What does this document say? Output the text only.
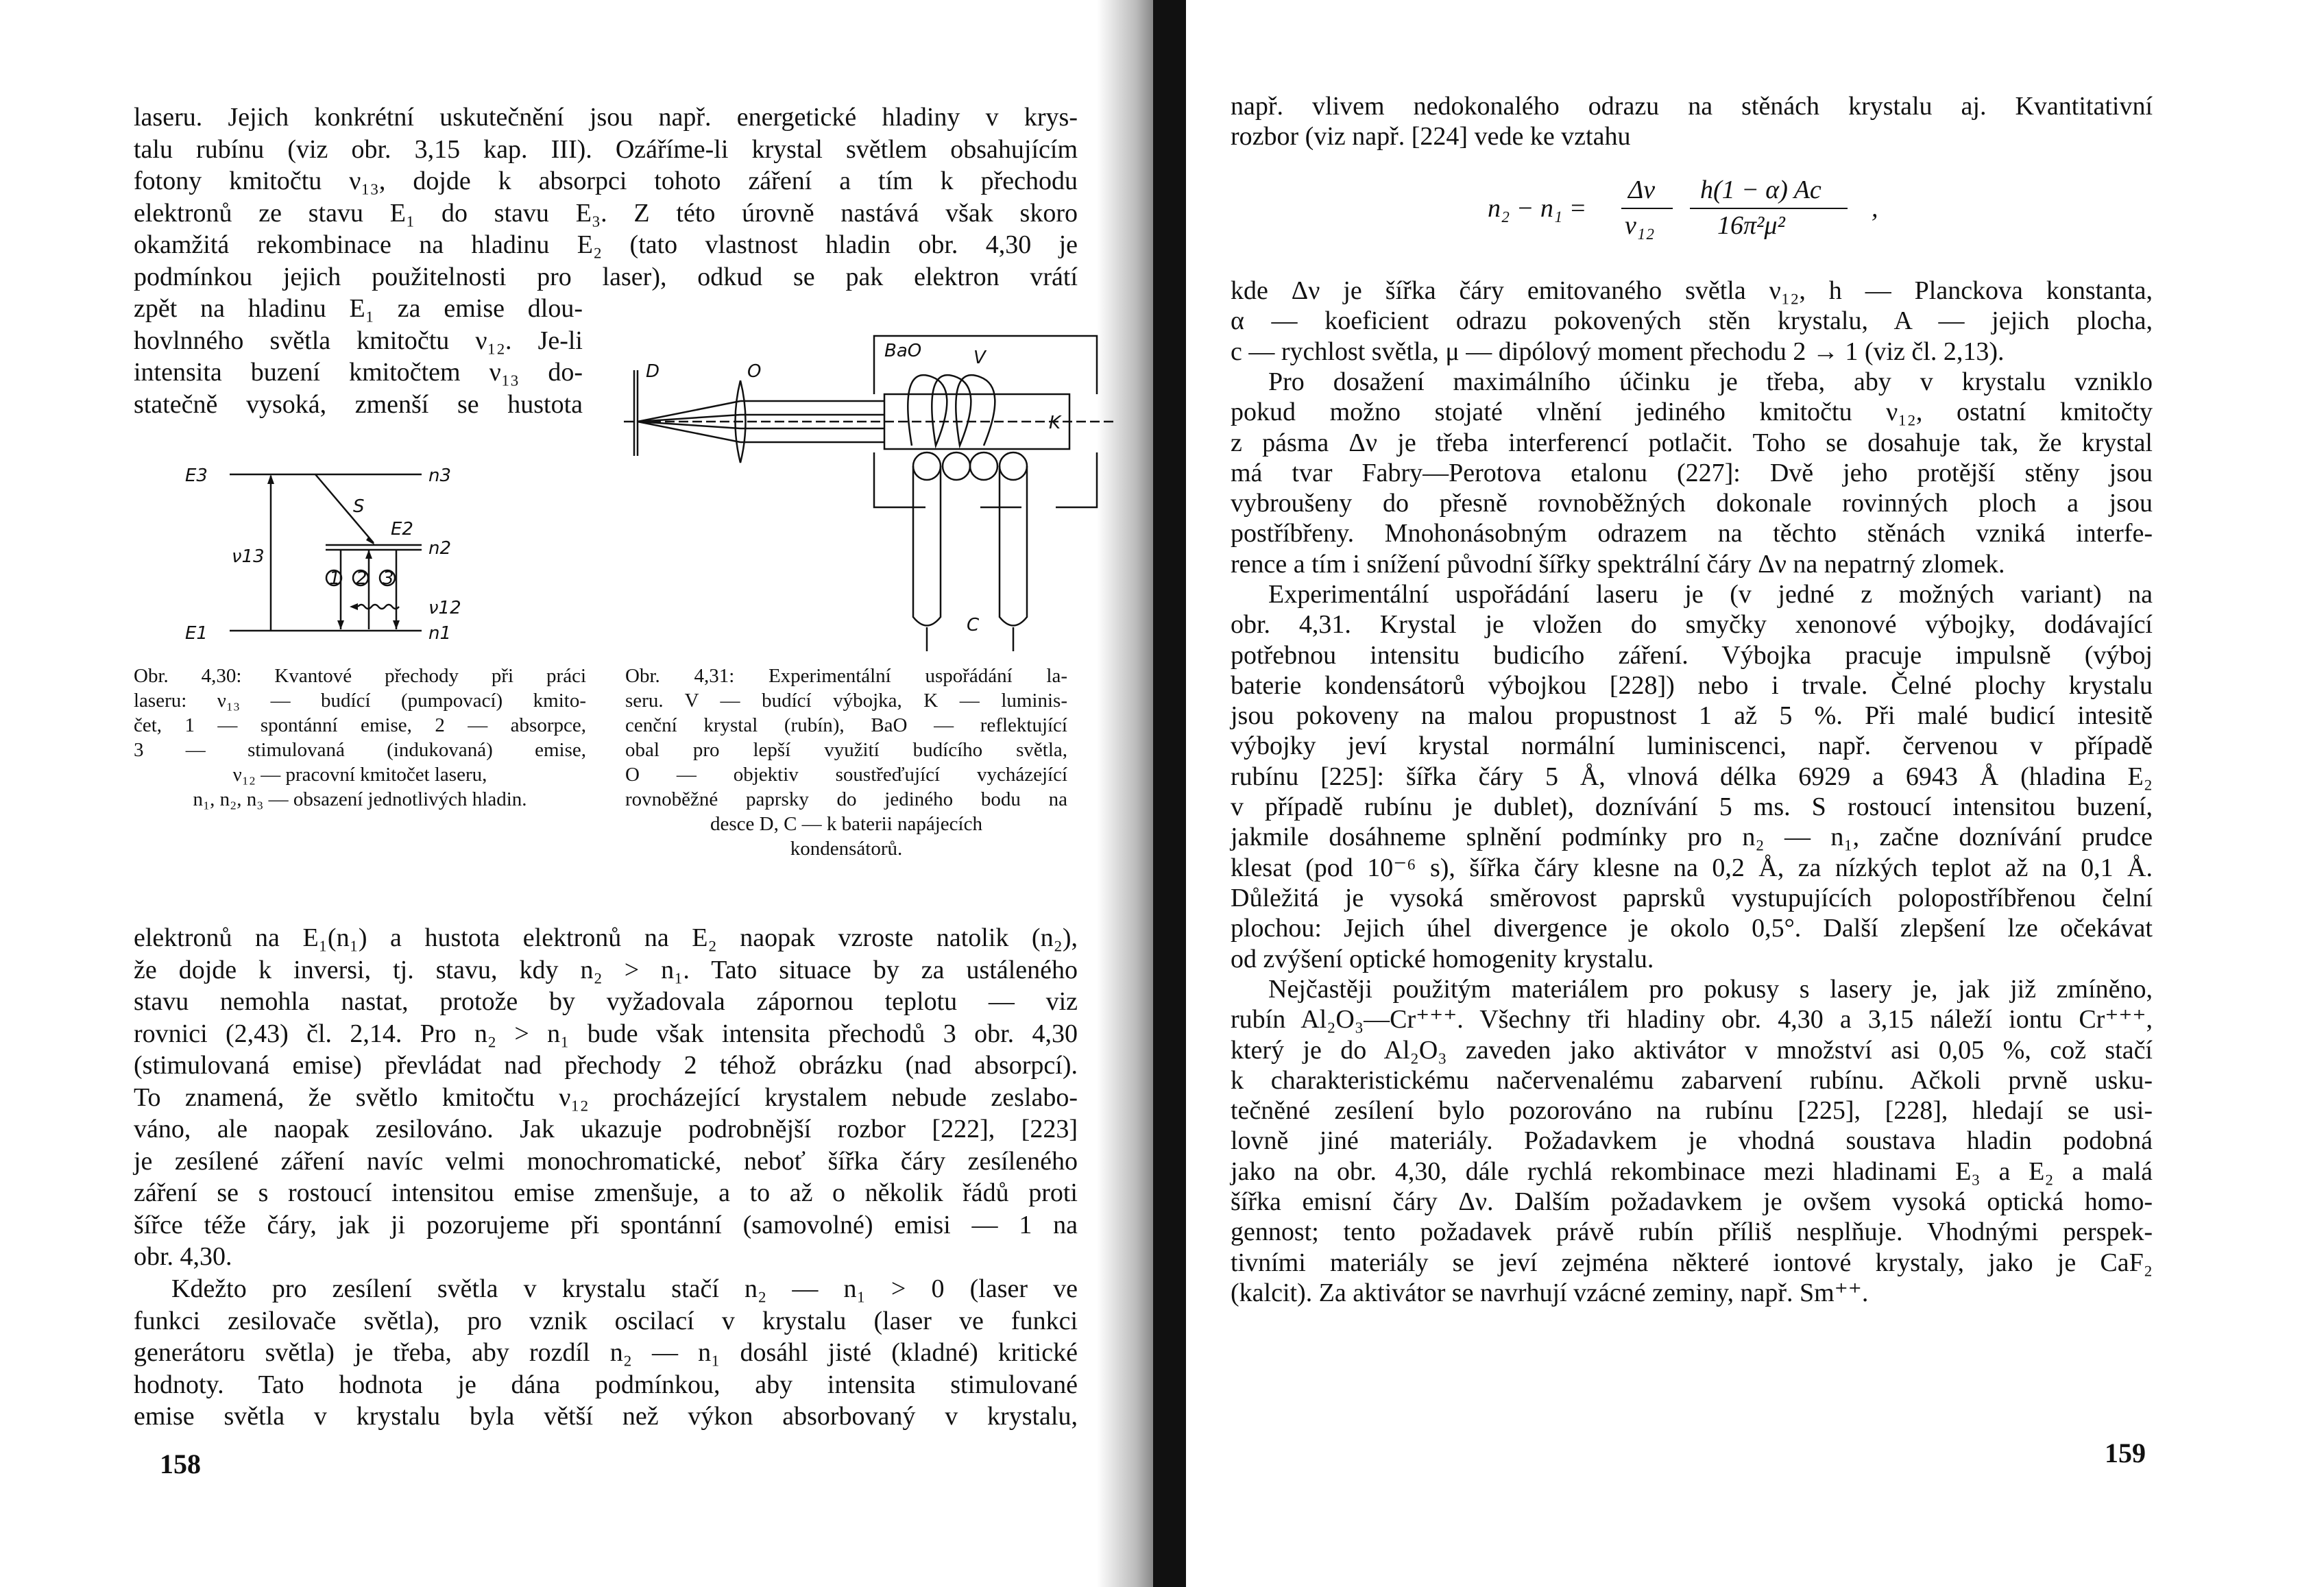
laseru. Jejich konkrétní uskutečnění jsou např. energetické hladiny v krys-
talu rubínu (viz obr. 3,15 kap. III). Ozáříme-li krystal světlem obsahujícím
fotony kmitočtu ν₁₃, dojde k absorpci tohoto záření a tím k přechodu
elektronů ze stavu E₁ do stavu E₃. Z této úrovně nastává však skoro
okamžitá rekombinace na hladinu E₂ (tato vlastnost hladin obr. 4,30 je
podmínkou jejich použitelnosti pro laser), odkud se pak elektron vrátí
zpět na hladinu E₁ za emise dlou-
hovlnného světla kmitočtu ν₁₂. Je-li
intensita buzení kmitočtem ν₁₃ do-
statečně vysoká, zmenší se hustota
E3	n3
S
E2
n2
ν13
1 2 3
ν12
E1	n1
BaO	V
D	O
K
C
Obr. 4,30: Kvantové přechody při práci
laseru: ν₁₃ — budící (pumpovací) kmito-
čet, 1 — spontánní emise, 2 — absorpce,
3 — stimulovaná (indukovaná) emise,
ν₁₂ — pracovní kmitočet laseru,
n₁, n₂, n₃ — obsazení jednotlivých hladin.
Obr. 4,31: Experimentální uspořádání la-
seru. V — budící výbojka, K — luminis-
cenční krystal (rubín), BaO — reflektující
obal pro lepší využití budícího světla,
O — objektiv soustřeďující vycházející
rovnoběžné paprsky do jediného bodu na
desce D, C — k baterii napájecích
kondensátorů.
elektronů na E₁(n₁) a hustota elektronů na E₂ naopak vzroste natolik (n₂),
že dojde k inversi, tj. stavu, kdy n₂ > n₁. Tato situace by za ustáleného
stavu nemohla nastat, protože by vyžadovala zápornou teplotu — viz
rovnici (2,43) čl. 2,14. Pro n₂ > n₁ bude však intensita přechodů 3 obr. 4,30
(stimulovaná emise) převládat nad přechody 2 téhož obrázku (nad absorpcí).
To znamená, že světlo kmitočtu ν₁₂ procházející krystalem nebude zeslabo-
váno, ale naopak zesilováno. Jak ukazuje podrobnější rozbor [222], [223]
je zesílené záření navíc velmi monochromatické, neboť šířka čáry zesíleného
záření se s rostoucí intensitou emise zmenšuje, a to až o několik řádů proti
šířce téže čáry, jak ji pozorujeme při spontánní (samovolné) emisi — 1 na
obr. 4,30.
Kdežto pro zesílení světla v krystalu stačí n₂ — n₁ > 0 (laser ve
funkci zesilovače světla), pro vznik oscilací v krystalu (laser ve funkci
generátoru světla) je třeba, aby rozdíl n₂ — n₁ dosáhl jisté (kladné) kritické
hodnoty. Tato hodnota je dána podmínkou, aby intensita stimulované
emise světla v krystalu byla větší než výkon absorbovaný v krystalu,
158
např. vlivem nedokonalého odrazu na stěnách krystalu aj. Kvantitativní
rozbor (viz např. [224] vede ke vztahu
n₂ − n₁ =
Δν
ν₁₂
h(1 − α) Ac
16π²μ²
,
kde Δν je šířka čáry emitovaného světla ν₁₂, h — Planckova konstanta,
α — koeficient odrazu pokovených stěn krystalu, A — jejich plocha,
c — rychlost světla, μ — dipólový moment přechodu 2 → 1 (viz čl. 2,13).
Pro dosažení maximálního účinku je třeba, aby v krystalu vzniklo
pokud možno stojaté vlnění jediného kmitočtu ν₁₂, ostatní kmitočty
z pásma Δν je třeba interferencí potlačit. Toho se dosahuje tak, že krystal
má tvar Fabry—Perotova etalonu (227]: Dvě jeho protější stěny jsou
vybroušeny do přesně rovnoběžných dokonale rovinných ploch a jsou
postříbřeny. Mnohonásobným odrazem na těchto stěnách vzniká interfe-
rence a tím i snížení původní šířky spektrální čáry Δν na nepatrný zlomek.
Experimentální uspořádání laseru je (v jedné z možných variant) na
obr. 4,31. Krystal je vložen do smyčky xenonové výbojky, dodávající
potřebnou intensitu budicího záření. Výbojka pracuje impulsně (výboj
baterie kondensátorů výbojkou [228]) nebo i trvale. Čelné plochy krystalu
jsou pokoveny na malou propustnost 1 až 5 %. Při malé budicí intesitě
výbojky jeví krystal normální luminiscenci, např. červenou v případě
rubínu [225]: šířka čáry 5 Å, vlnová délka 6929 a 6943 Å (hladina E₂
v případě rubínu je dublet), doznívání 5 ms. S rostoucí intensitou buzení,
jakmile dosáhneme splnění podmínky pro n₂ — n₁, začne doznívání prudce
klesat (pod 10⁻⁶ s), šířka čáry klesne na 0,2 Å, za nízkých teplot až na 0,1 Å.
Důležitá je vysoká směrovost paprsků vystupujících polopostříbřenou čelní
plochou: Jejich úhel divergence je okolo 0,5°. Další zlepšení lze očekávat
od zvýšení optické homogenity krystalu.
Nejčastěji použitým materiálem pro pokusy s lasery je, jak již zmíněno,
rubín Al₂O₃—Cr⁺⁺⁺. Všechny tři hladiny obr. 4,30 a 3,15 náleží iontu Cr⁺⁺⁺,
který je do Al₂O₃ zaveden jako aktivátor v množství asi 0,05 %, což stačí
k charakteristickému načervenalému zabarvení rubínu. Ačkoli prvně usku-
tečněné zesílení bylo pozorováno na rubínu [225], [228], hledají se usi-
lovně jiné materiály. Požadavkem je vhodná soustava hladin podobná
jako na obr. 4,30, dále rychlá rekombinace mezi hladinami E₃ a E₂ a malá
šířka emisní čáry Δν. Dalším požadavkem je ovšem vysoká optická homo-
gennost; tento požadavek právě rubín příliš nesplňuje. Vhodnými perspek-
tivními materiály se jeví zejména některé iontové krystaly, jako je CaF₂
(kalcit). Za aktivátor se navrhují vzácné zeminy, např. Sm⁺⁺.
159
